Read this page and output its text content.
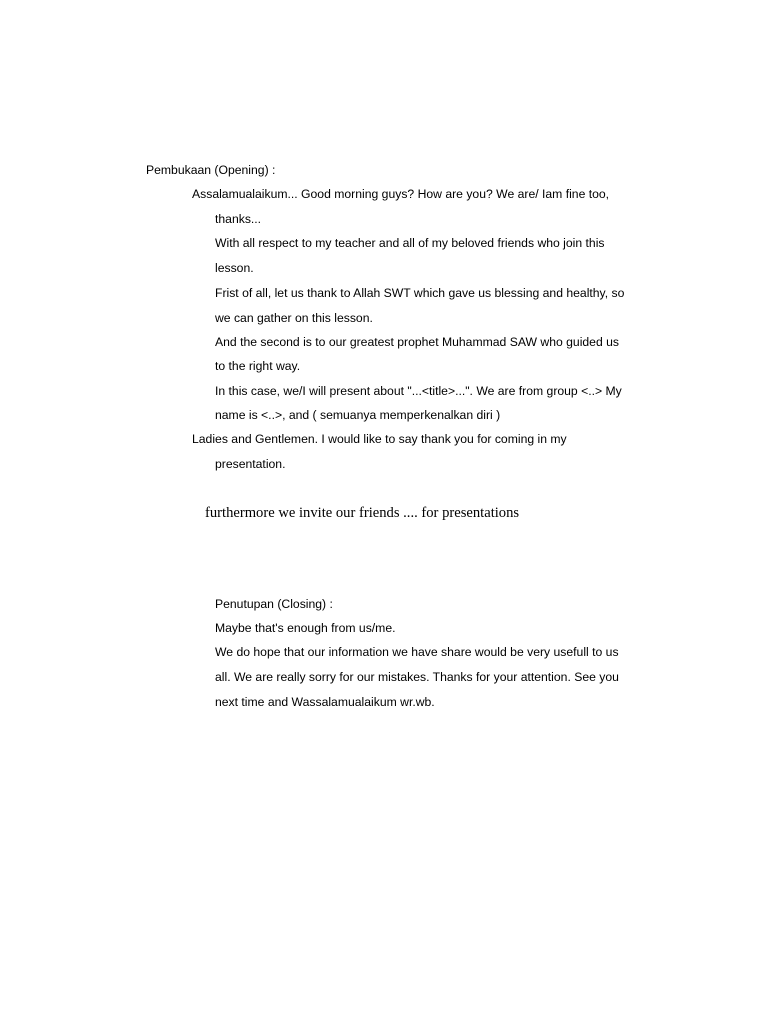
Pembukaan (Opening) :
Assalamualaikum... Good morning guys? How are you? We are/ Iam fine too,
thanks...
With all respect to my teacher and all of my beloved friends who join this
lesson.
Frist of all, let us thank to Allah SWT which gave us blessing and healthy, so
we can gather on this lesson.
And the second is to our greatest prophet Muhammad SAW who guided us
to the right way.
In this case, we/I will present about "...<title>...". We are from group <..> My
name is <..>, and ( semuanya memperkenalkan diri )
Ladies and Gentlemen. I would like to say thank you for coming in my
presentation.
furthermore we invite our friends .... for presentations
Penutupan (Closing) :
Maybe that's enough from us/me.
We do hope that our information we have share would be very usefull to us
all. We are really sorry for our mistakes. Thanks for your attention. See you
next time and Wassalamualaikum wr.wb.
